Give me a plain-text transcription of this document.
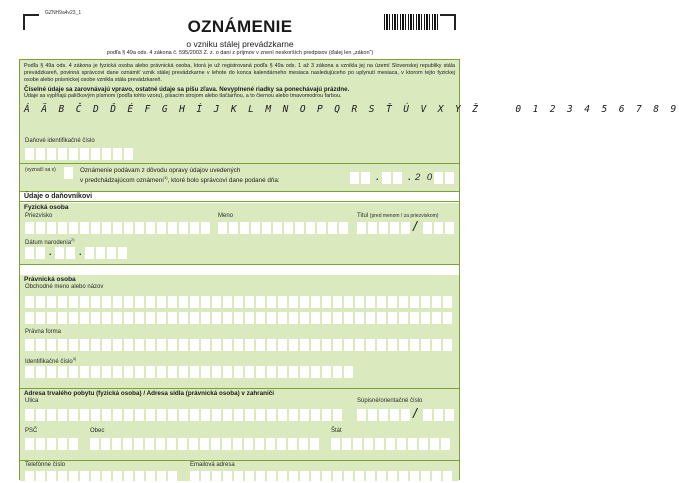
GZNH9a4v23_1
OZNÁMENIE
o vzniku stálej prevádzkarne
podľa § 49a ods. 4 zákona č. 595/2003 Z. z. o dani z príjmov v znení neskorších predpisov (ďalej len „zákon“)
Podľa § 49a ods. 4 zákona je fyzická osoba alebo právnická osoba, ktorá je už registrovaná podľa § 49a ods. 1 až 3 zákona a vznikla jej na území Slovenskej republiky stála prevádzkareň, povinná správcovi dane oznámiť vznik stálej prevádzkarne v lehote do konca kalendárneho mesiaca nasledujúceho po uplynutí mesiaca, v ktorom tejto fyzickej osobe alebo právnickej osobe vznikla stála prevádzkareň.
Číselné údaje sa zarovnávajú vpravo, ostatné údaje sa píšu zľava. Nevyplnené riadky sa ponechávajú prázdne.
Údaje sa vypĺňajú paličkovým písmom (podľa tohto vzoru), písacím strojom alebo tlačiarňou, a to čiernou alebo tmavomodrou farbou.
Á Ä B Č D Ď É F G H Í J K L M N O P Q R S Ť Ú V X Y Ž	0 1 2 3 4 5 6 7 8 9
Daňové identifikačné číslo
(vyznačí sa x)	Oznámenie podávam z dôvodu opravy údajov uvedených
v predchádzajúcom oznámení$^{1)}$, ktoré bolo správcovi dane podané dňa:	.	. 2 0
Údaje o daňovníkovi
Fyzická osoba
Priezvisko	Meno	Titul (pred menom / za priezviskom)
/
Dátum narodenia$^{2)}$
.	.
Právnická osoba
Obchodné meno alebo názov
Právna forma
Identifikačné číslo$^{3)}$
Adresa trvalého pobytu (fyzická osoba) / Adresa sídla (právnická osoba) v zahraničí
Ulica	Súpisné/orientačné číslo
/
PSČ	Obec	Štát
Telefónne číslo	Emailová adresa
